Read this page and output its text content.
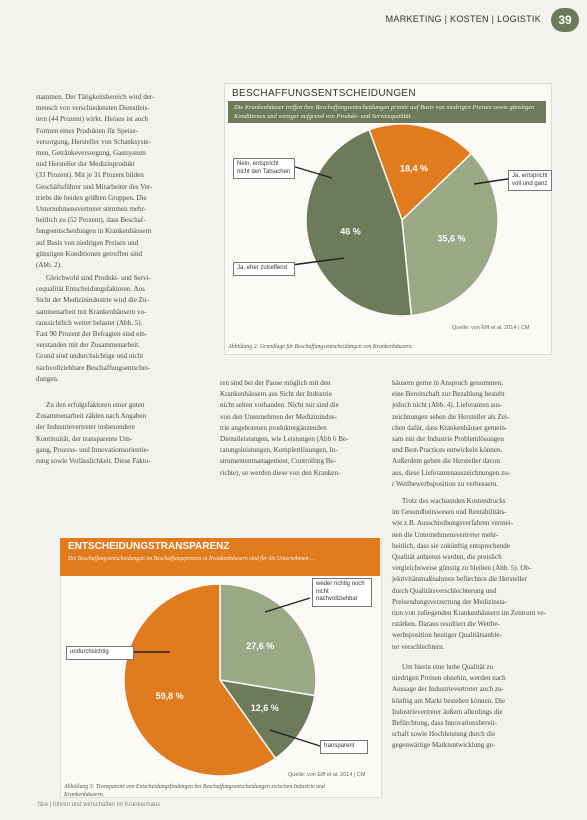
MARKETING | KOSTEN | LOGISTIK	39
stammen. Der Tätigkeitsbereich wird der-
mensch von verschiedensten Dienstleis-
tern (44 Prozent) wirkt. Heraus ist auch
Formen eines Produkten für Speise-
versorgung, Hersteller von Schanksyste-
men, Getränkeversorgung, Gastsystem
und Hersteller der Medizinprodukt
(33 Prozent). Mit je 31 Prozent bilden
Geschäftsführer und Mitarbeiter des Ver-
triebs die beiden größten Gruppen. Die
Unternehmensvertreter stimmen mehr-
heitlich zu (52 Prozent), dass Beschaf-
fungsentscheidungen in Krankenhäusern
auf Basis von niedrigen Preisen und
günstigen Konditionen getroffen sind
(Abb. 2).
Gleichwohl sind Produkt- und Servi-
cequalität Entscheidungsfaktoren. Aus
Sicht der Medizinindustrie wird die Zu-
sammenarbeit mit Krankenhäusern vo-
raussichtlich weiter belastet (Abb. 5).
Fast 90 Prozent der Befragten sind ein-
verstanden mit der Zusammenarbeit.
Grund sind undurchsichtige und nicht
nachvollziehbare Beschaffungsentschei-
dungen.
Zu den erfolgsfaktoren einer guten
Zusammenarbeit zählen nach Angaben
der Industrievertreter insbesondere
Kontinuität, der transparente Um-
gang, Prozess- und Innovationsorientie-
rung sowie Verlässlichkeit. Diese Fakto-
ren sind bei der Pause möglich mit den
Krankenhäusern aus Sicht der Industrie
nicht selten vorhanden. Nicht nur sind die
von den Unternehmen der Medizinindus-
trie angebotenen produktergänzenden
Dienstleistungen, wie Leistungen (Abb 6 Be-
ratungsleistungen, Komplettlösungen, In-
strumentenmanagement, Controlling Be-
richte), so werden diese von den Kranken-
häusern gerne in Anspruch genommen,
eine Bereitschaft zur Bezahlung besteht
jedoch nicht (Abb. 4). Lieferanten aus-
zeichnungen sehen die Hersteller als Zei-
chen dafür, dass Krankenhäuser gemein-
sam mit der Industrie Problemlösungen
und Best-Practices entwickeln können.
Außerdem geben die Hersteller davon
aus, diese Lieferantenauszeichnungen zu-
r Wettbewerbsposition zu verbessern.
Trotz des wachsenden Kostendrucks
im Gesundheitswesen und Rentabilitäts-
wie z.B. Ausschreibungsverfahren vermei-
nen die Unternehmensvertreter mehr-
heitlich, dass sie zukünftig entsprechende
Qualität anbieten werden, die preislich
vergleichsweise günstig zu bleiben (Abb. 5). Ob-
jektivitätsmaßnahmen befürchten die Hersteller
durch Qualitätsverschlechterung und
Preisendungsverzerrung der Medizinsta-
tion von zuliegenden Krankenhäusern im Zentrum ve-
rstärken. Daraus resultiert die Wettbe-
werbsposition heutiger Qualitätsanbie-
ter verschlechtern.
Um hierin eine hohe Qualität zu
niedrigen Preisen ohnehin, werden nach
Aussage der Industrievertreter auch zu-
künftig am Markt bestehen können. Die
Industrievertreter äußern allerdings die
Befürchtung, dass Innovationsbereit-
schaft sowie Hochleistung durch die
gegenwärtige Marktentwicklung ge-
BESCHAFFUNGSENTSCHEIDUNGEN
Die Krankenhäuser treffen ihre Beschaffungsentscheidungen primär auf Basis von niedrigen Preisen sowie günstigen Konditionen und weniger aufgrund von Produkt- und Servicequalität.
18,4 %
35,6 %
46 %
Nein, entspricht nicht den Tatsachen
Ja, entspricht voll und ganz
Ja, eher zutreffend
Quelle: von Eiff et al. 2014 | CM
Abbildung 2: Grundlage für Beschaffungsentscheidungen von Krankenhäusern.
ENTSCHEIDUNGSTRANSPARENZ
Die Beschaffungsentscheidungen im Beschaffungsprozess in Krankenhäusern sind für die Unternehmen ...
27,6 %
12,6 %
59,8 %
weder richtig noch nicht nachvollziehbar
undurchsichtig
transparent
Quelle: von Eiff et al. 2014 | CM
Abbildung 3: Transparenz von Entscheidungsfindungen bei Beschaffungsentscheidungen zwischen Industrie und Krankenhäusern.
f&w | führen und wirtschaften im Krankenhaus
